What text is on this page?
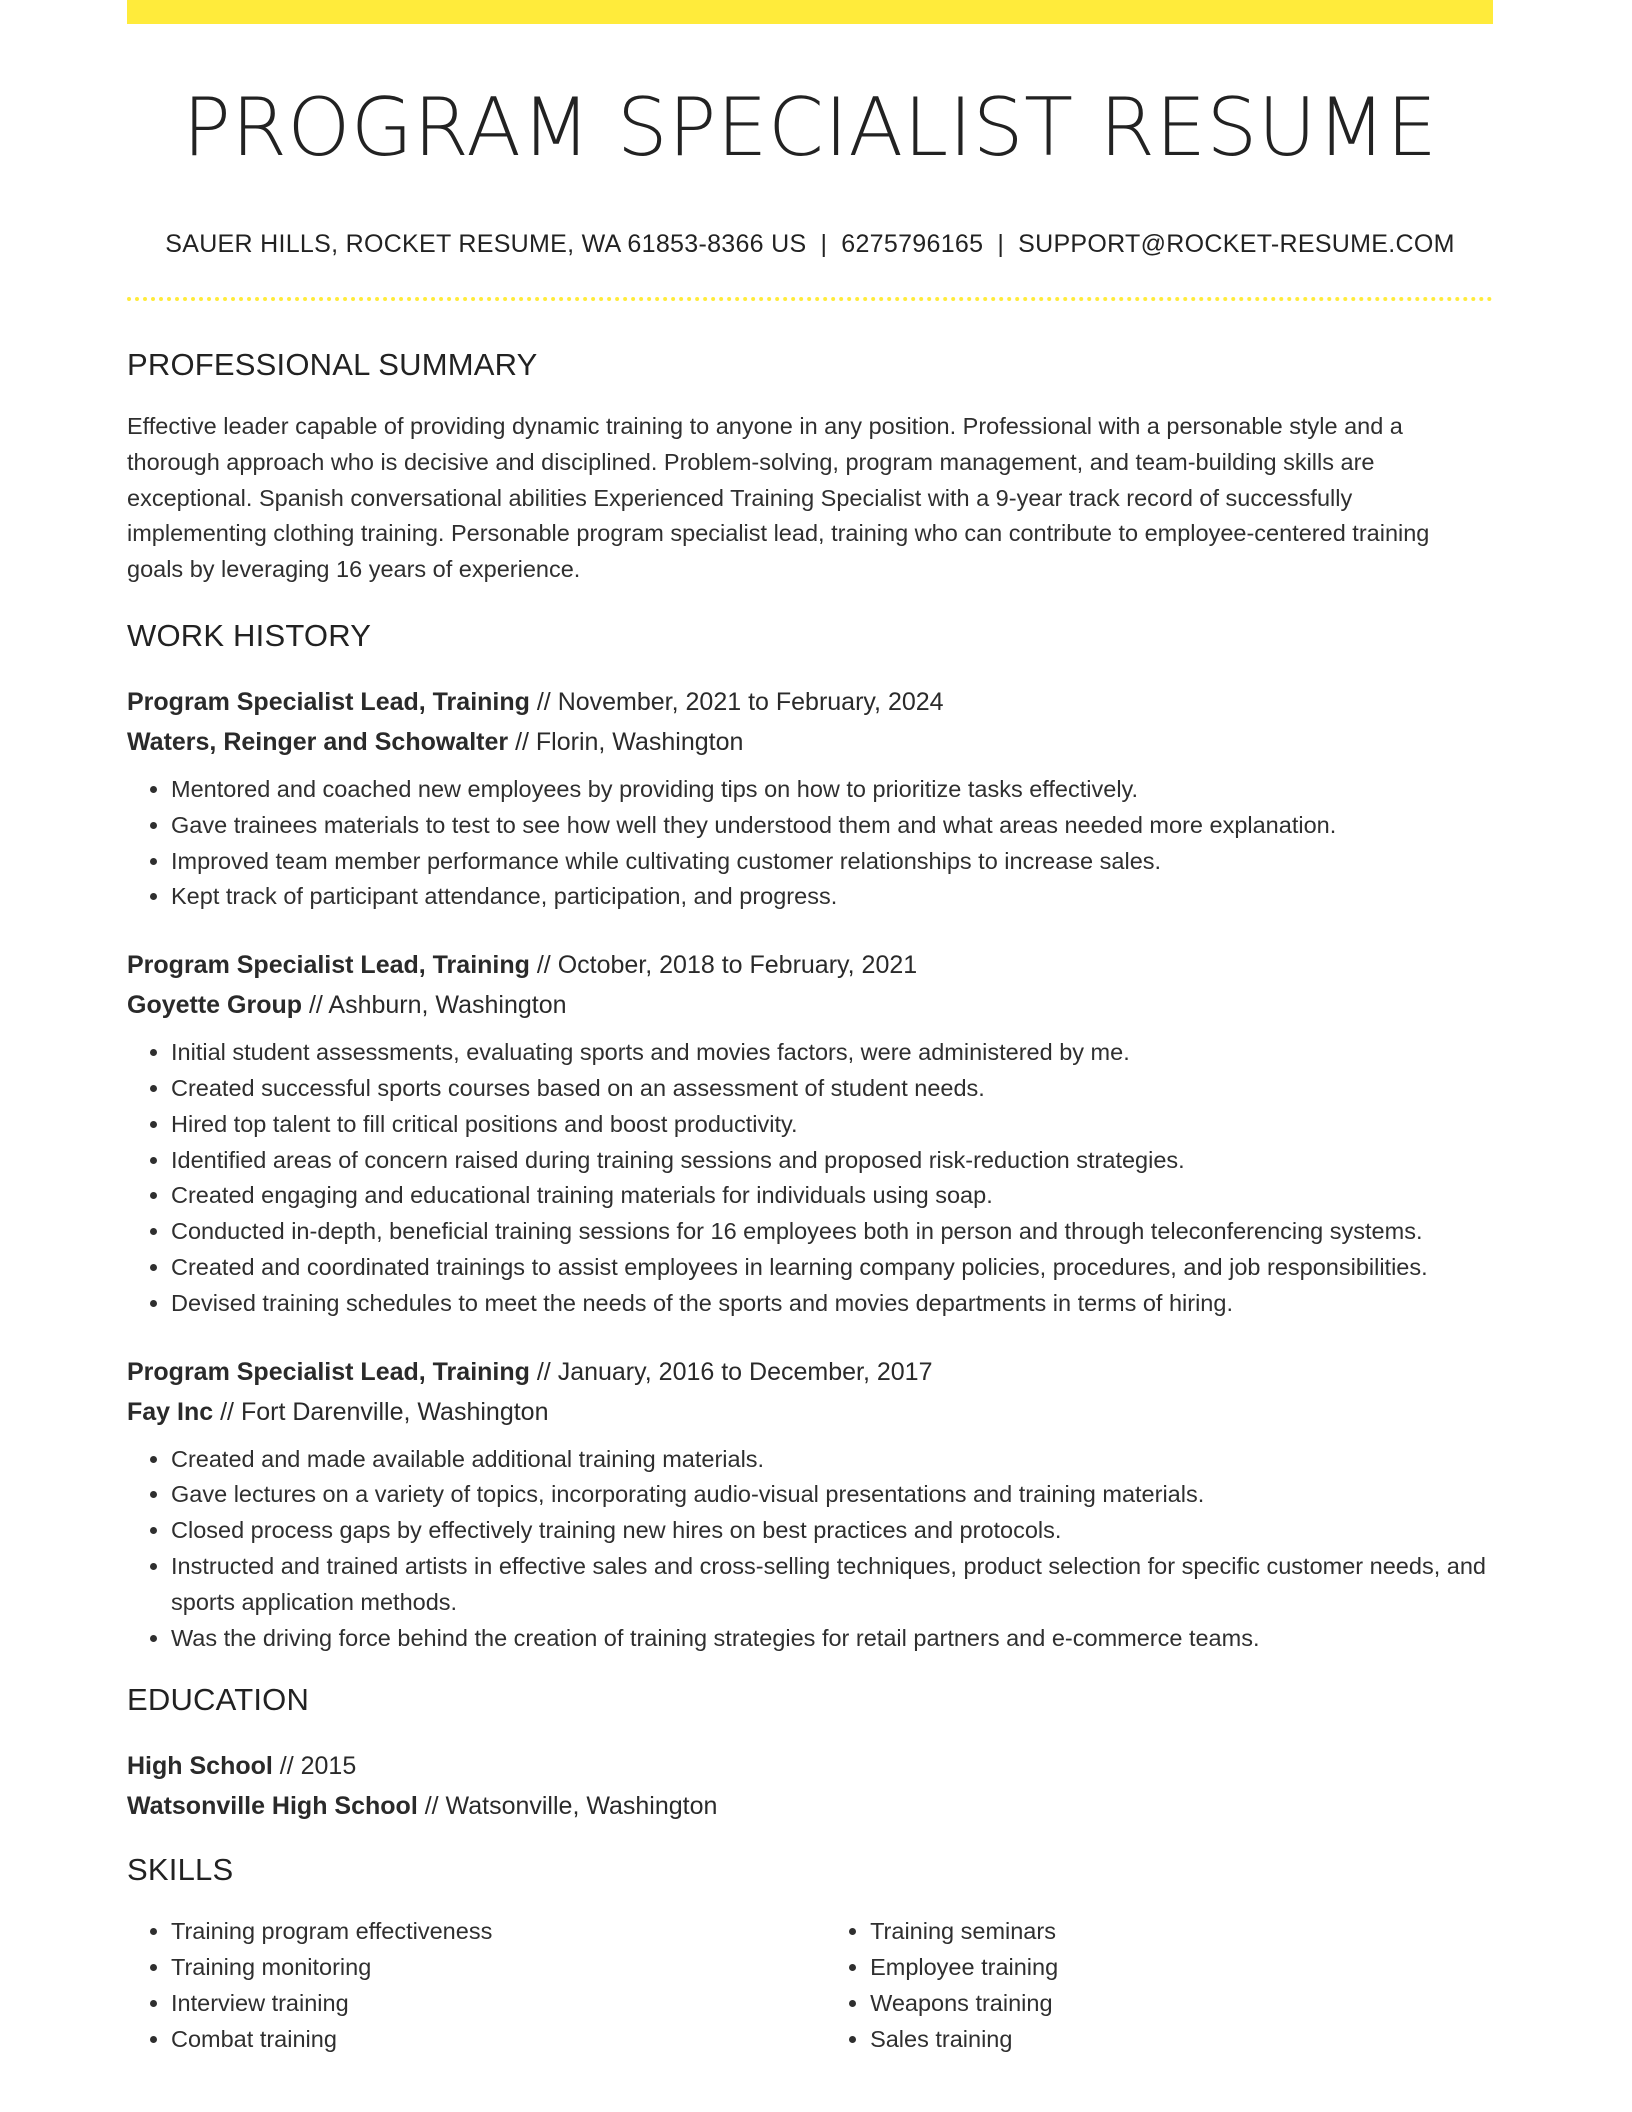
PROGRAM SPECIALIST RESUME
SAUER HILLS, ROCKET RESUME, WA 61853-8366 US | 6275796165 | SUPPORT@ROCKET-RESUME.COM
PROFESSIONAL SUMMARY

Effective leader capable of providing dynamic training to anyone in any position. Professional with a personable style and a thorough approach who is decisive and disciplined. Problem-solving, program management, and team-building skills are exceptional. Spanish conversational abilities Experienced Training Specialist with a 9-year track record of successfully implementing clothing training. Personable program specialist lead, training who can contribute to employee-centered training goals by leveraging 16 years of experience.

WORK HISTORY
Program Specialist Lead, Training // November, 2021 to February, 2024
Waters, Reinger and Schowalter // Florin, Washington
• Mentored and coached new employees by providing tips on how to prioritize tasks effectively.
• Gave trainees materials to test to see how well they understood them and what areas needed more explanation.
• Improved team member performance while cultivating customer relationships to increase sales.
• Kept track of participant attendance, participation, and progress.
Program Specialist Lead, Training // October, 2018 to February, 2021
Goyette Group // Ashburn, Washington
• Initial student assessments, evaluating sports and movies factors, were administered by me.
• Created successful sports courses based on an assessment of student needs.
• Hired top talent to fill critical positions and boost productivity.
• Identified areas of concern raised during training sessions and proposed risk-reduction strategies.
• Created engaging and educational training materials for individuals using soap.
• Conducted in-depth, beneficial training sessions for 16 employees both in person and through teleconferencing systems.
• Created and coordinated trainings to assist employees in learning company policies, procedures, and job responsibilities.
• Devised training schedules to meet the needs of the sports and movies departments in terms of hiring.
Program Specialist Lead, Training // January, 2016 to December, 2017
Fay Inc // Fort Darenville, Washington
• Created and made available additional training materials.
• Gave lectures on a variety of topics, incorporating audio-visual presentations and training materials.
• Closed process gaps by effectively training new hires on best practices and protocols.
• Instructed and trained artists in effective sales and cross-selling techniques, product selection for specific customer needs, and sports application methods.
• Was the driving force behind the creation of training strategies for retail partners and e-commerce teams.
EDUCATION
High School // 2015
Watsonville High School // Watsonville, Washington
SKILLS
• Training program effectiveness
• Training monitoring
• Interview training
• Combat training
• Training seminars
• Employee training
• Weapons training
• Sales training
